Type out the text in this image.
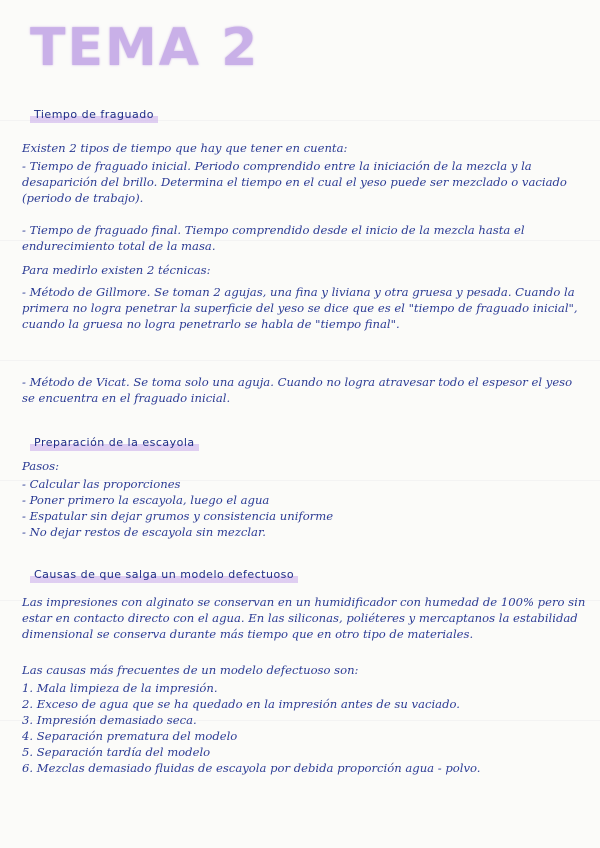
TEMA 2
Tiempo de fraguado
Existen 2 tipos de tiempo que hay que tener en cuenta:
- Tiempo de fraguado inicial. Periodo comprendido entre la iniciación de la mezcla y la desaparición del brillo. Determina el tiempo en el cual el yeso puede ser mezclado o vaciado (periodo de trabajo).
- Tiempo de fraguado final. Tiempo comprendido desde el inicio de la mezcla hasta el endurecimiento total de la masa.
Para medirlo existen 2 técnicas:
- Método de Gillmore. Se toman 2 agujas, una fina y liviana y otra gruesa y pesada. Cuando la primera no logra penetrar la superficie del yeso se dice que es el "tiempo de fraguado inicial", cuando la gruesa no logra penetrarlo se habla de "tiempo final".
- Método de Vicat. Se toma solo una aguja. Cuando no logra atravesar todo el espesor el yeso se encuentra en el fraguado inicial.
Preparación de la escayola
Pasos:
- Calcular las proporciones
- Poner primero la escayola, luego el agua
- Espatular sin dejar grumos y consistencia uniforme
- No dejar restos de escayola sin mezclar.
Causas de que salga un modelo defectuoso
Las impresiones con alginato se conservan en un humidificador con humedad de 100% pero sin estar en contacto directo con el agua. En las siliconas, poliéteres y mercaptanos la estabilidad dimensional se conserva durante más tiempo que en otro tipo de materiales.
Las causas más frecuentes de un modelo defectuoso son:
1. Mala limpieza de la impresión.
2. Exceso de agua que se ha quedado en la impresión antes de su vaciado.
3. Impresión demasiado seca.
4. Separación prematura del modelo
5. Separación tardía del modelo
6. Mezclas demasiado fluidas de escayola por debida proporción agua - polvo.
